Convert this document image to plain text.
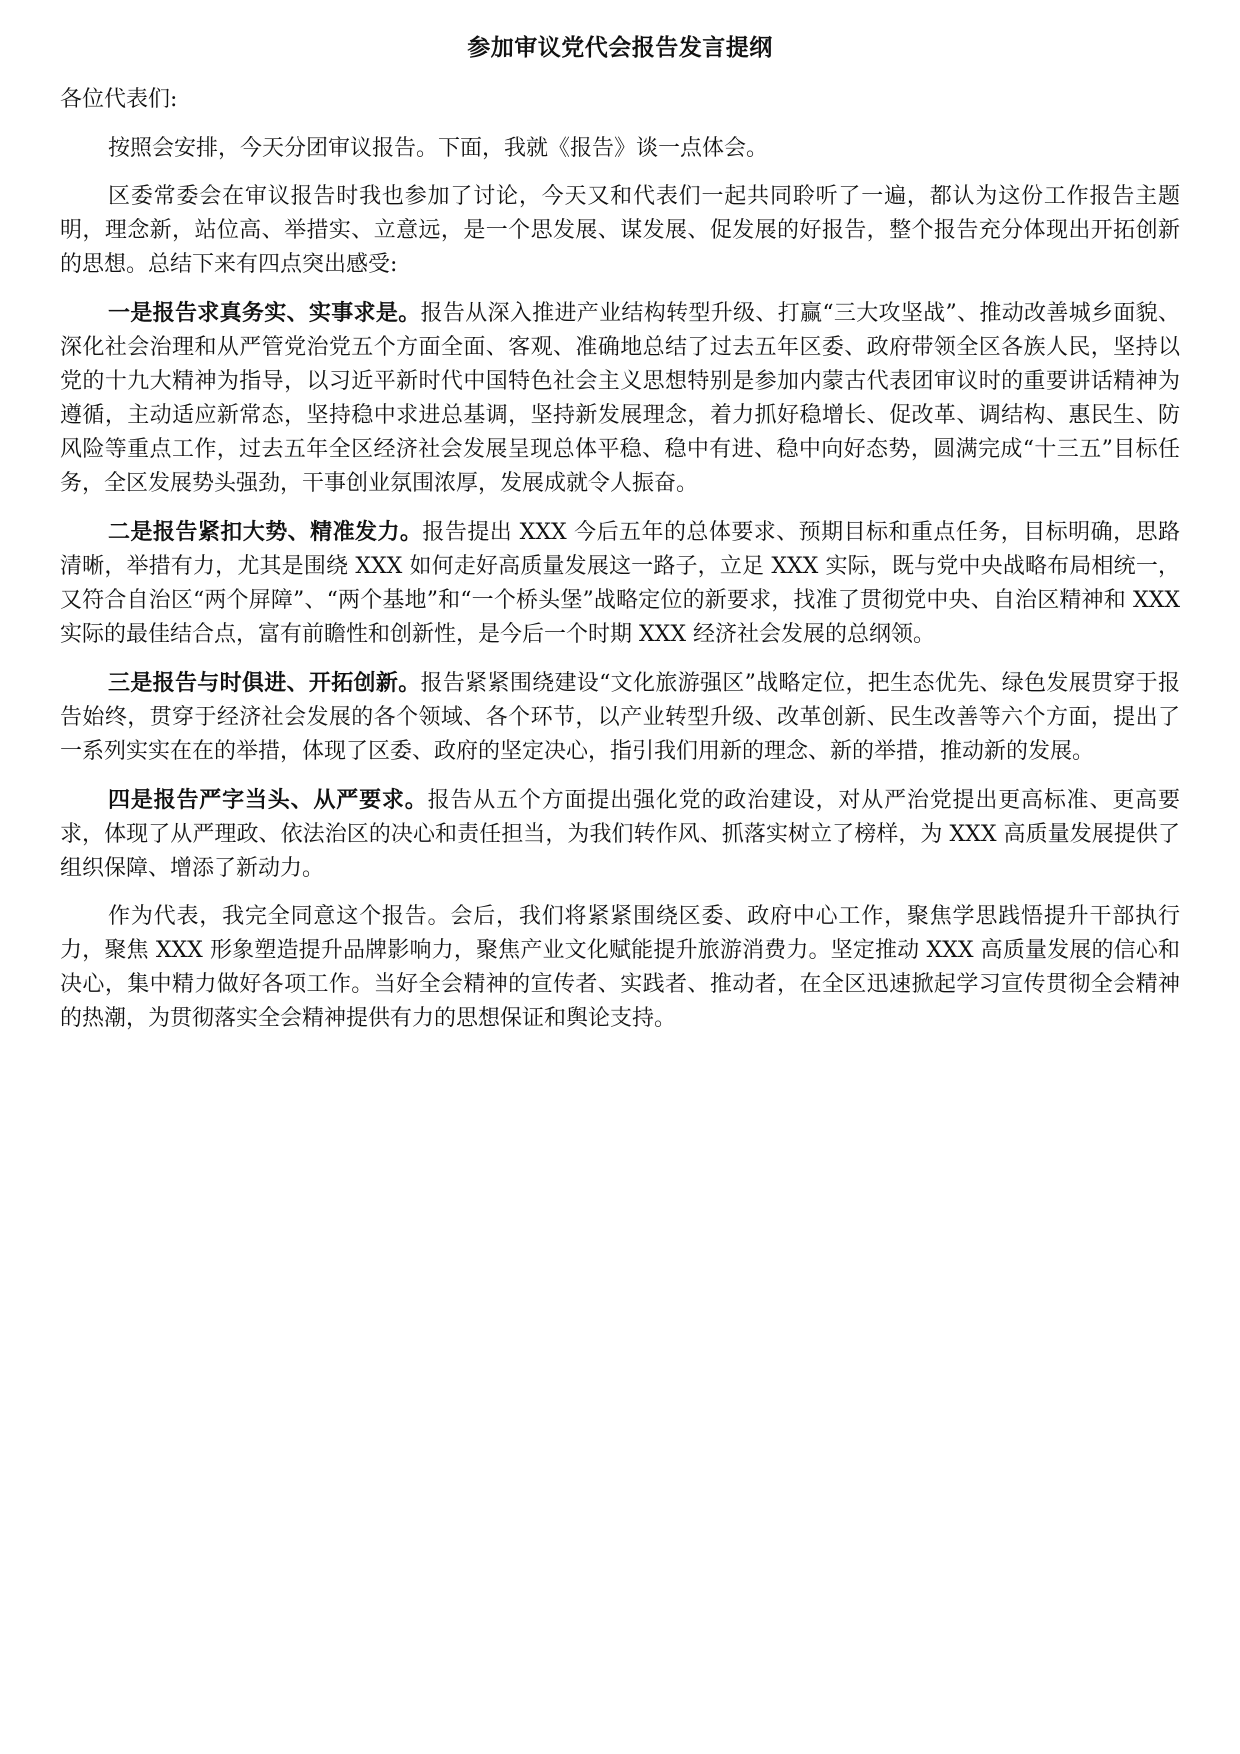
参加审议党代会报告发言提纲

各位代表们:

按照会安排，今天分团审议报告。下面，我就《报告》谈一点体会。

区委常委会在审议报告时我也参加了讨论，今天又和代表们一起共同聆听了一遍，都认为这份工作报告主题明，理念新，站位高、举措实、立意远，是一个思发展、谋发展、促发展的好报告，整个报告充分体现出开拓创新的思想。总结下来有四点突出感受:

一是报告求真务实、实事求是。报告从深入推进产业结构转型升级、打赢“三大攻坚战”、推动改善城乡面貌、深化社会治理和从严管党治党五个方面全面、客观、准确地总结了过去五年区委、政府带领全区各族人民，坚持以党的十九大精神为指导，以习近平新时代中国特色社会主义思想特别是参加内蒙古代表团审议时的重要讲话精神为遵循，主动适应新常态，坚持稳中求进总基调，坚持新发展理念，着力抓好稳增长、促改革、调结构、惠民生、防风险等重点工作，过去五年全区经济社会发展呈现总体平稳、稳中有进、稳中向好态势，圆满完成“十三五”目标任务，全区发展势头强劲，干事创业氛围浓厚，发展成就令人振奋。

二是报告紧扣大势、精准发力。报告提出 XXX 今后五年的总体要求、预期目标和重点任务，目标明确，思路清晰，举措有力，尤其是围绕 XXX 如何走好高质量发展这一路子，立足 XXX 实际，既与党中央战略布局相统一，又符合自治区“两个屏障”、“两个基地”和“一个桥头堡”战略定位的新要求，找准了贯彻党中央、自治区精神和 XXX 实际的最佳结合点，富有前瞻性和创新性，是今后一个时期 XXX 经济社会发展的总纲领。

三是报告与时俱进、开拓创新。报告紧紧围绕建设“文化旅游强区”战略定位，把生态优先、绿色发展贯穿于报告始终，贯穿于经济社会发展的各个领域、各个环节，以产业转型升级、改革创新、民生改善等六个方面，提出了一系列实实在在的举措，体现了区委、政府的坚定决心，指引我们用新的理念、新的举措，推动新的发展。

四是报告严字当头、从严要求。报告从五个方面提出强化党的政治建设，对从严治党提出更高标准、更高要求，体现了从严理政、依法治区的决心和责任担当，为我们转作风、抓落实树立了榜样，为 XXX 高质量发展提供了组织保障、增添了新动力。

作为代表，我完全同意这个报告。会后，我们将紧紧围绕区委、政府中心工作，聚焦学思践悟提升干部执行力，聚焦 XXX 形象塑造提升品牌影响力，聚焦产业文化赋能提升旅游消费力。坚定推动 XXX 高质量发展的信心和决心，集中精力做好各项工作。当好全会精神的宣传者、实践者、推动者，在全区迅速掀起学习宣传贯彻全会精神的热潮，为贯彻落实全会精神提供有力的思想保证和舆论支持。
